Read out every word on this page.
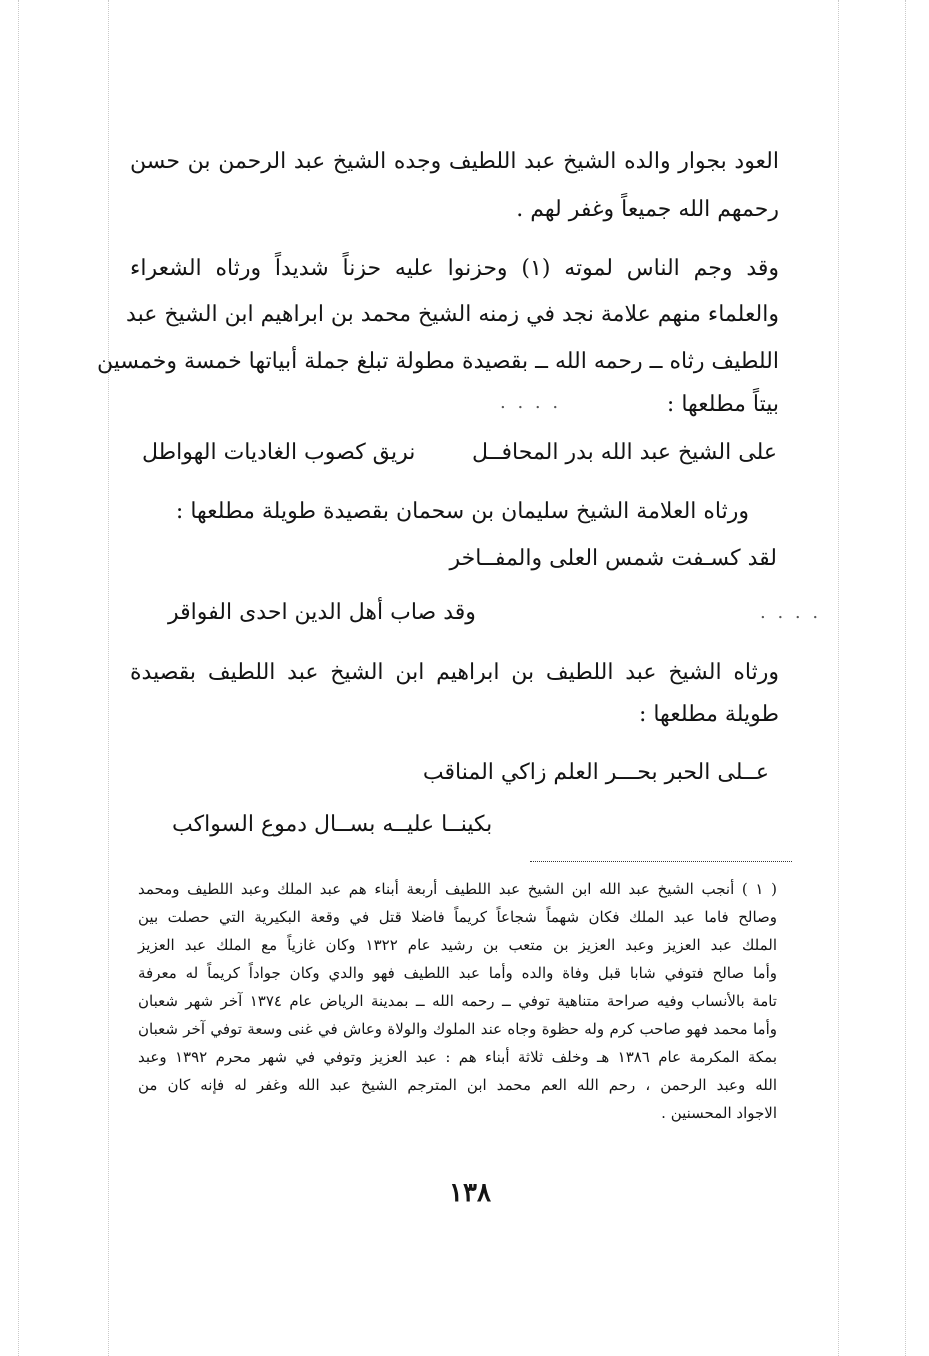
العود بجوار والده الشيخ عبد اللطيف وجده الشيخ عبد الرحمن بن حسن
رحمهم الله جميعاً وغفر لهم .
وقد وجم الناس لموته (١) وحزنوا عليه حزناً شديداً ورثاه الشعراء
والعلماء منهم علامة نجد في زمنه الشيخ محمد بن ابراهيم ابن الشيخ عبد
اللطيف رثاه ــ رحمه الله ــ بقصيدة مطولة تبلغ جملة أبياتها خمسة وخمسين
بيتاً مطلعها :
. . . .
على الشيخ عبد الله بدر المحافــل
نريق كصوب الغاديات الهواطل
ورثاه العلامة الشيخ سليمان بن سحمان بقصيدة طويلة مطلعها :
لقد كسـفت شمس العلى والمفــاخر
. . . .
وقد صاب أهل الدين احدى الفواقر
ورثاه الشيخ عبد اللطيف بن ابراهيم ابن الشيخ عبد اللطيف بقصيدة
طويلة مطلعها :
عــلى الحبر بحـــر العلم زاكي المناقب
بكينــا عليــه بســال دموع السواكب
( ١ ) أنجب الشيخ عبد الله ابن الشيخ عبد اللطيف أربعة أبناء هم عبد الملك وعبد اللطيف ومحمد
وصالح فاما عبد الملك فكان شهماً شجاعاً كريماً فاضلا قتل في وقعة البكيرية التي حصلت بين
الملك عبد العزيز وعبد العزيز بن متعب بن رشيد عام ١٣٢٢ وكان غازياً مع الملك عبد العزيز
وأما صالح فتوفي شابا قبل وفاة والده وأما عبد اللطيف فهو والدي وكان جواداً كريماً له معرفة
تامة بالأنساب وفيه صراحة متناهية توفي ــ رحمه الله ــ بمدينة الرياض عام ١٣٧٤ آخر شهر شعبان
وأما محمد فهو صاحب كرم وله حظوة وجاه عند الملوك والولاة وعاش في غنى وسعة توفي آخر شعبان
بمكة المكرمة عام ١٣٨٦ هـ وخلف ثلاثة أبناء هم : عبد العزيز وتوفي في شهر محرم ١٣٩٢ وعبد
الله وعبد الرحمن ، رحم الله العم محمد ابن المترجم الشيخ عبد الله وغفر له فإنه كان من
الاجواد المحسنين .
١٣٨
